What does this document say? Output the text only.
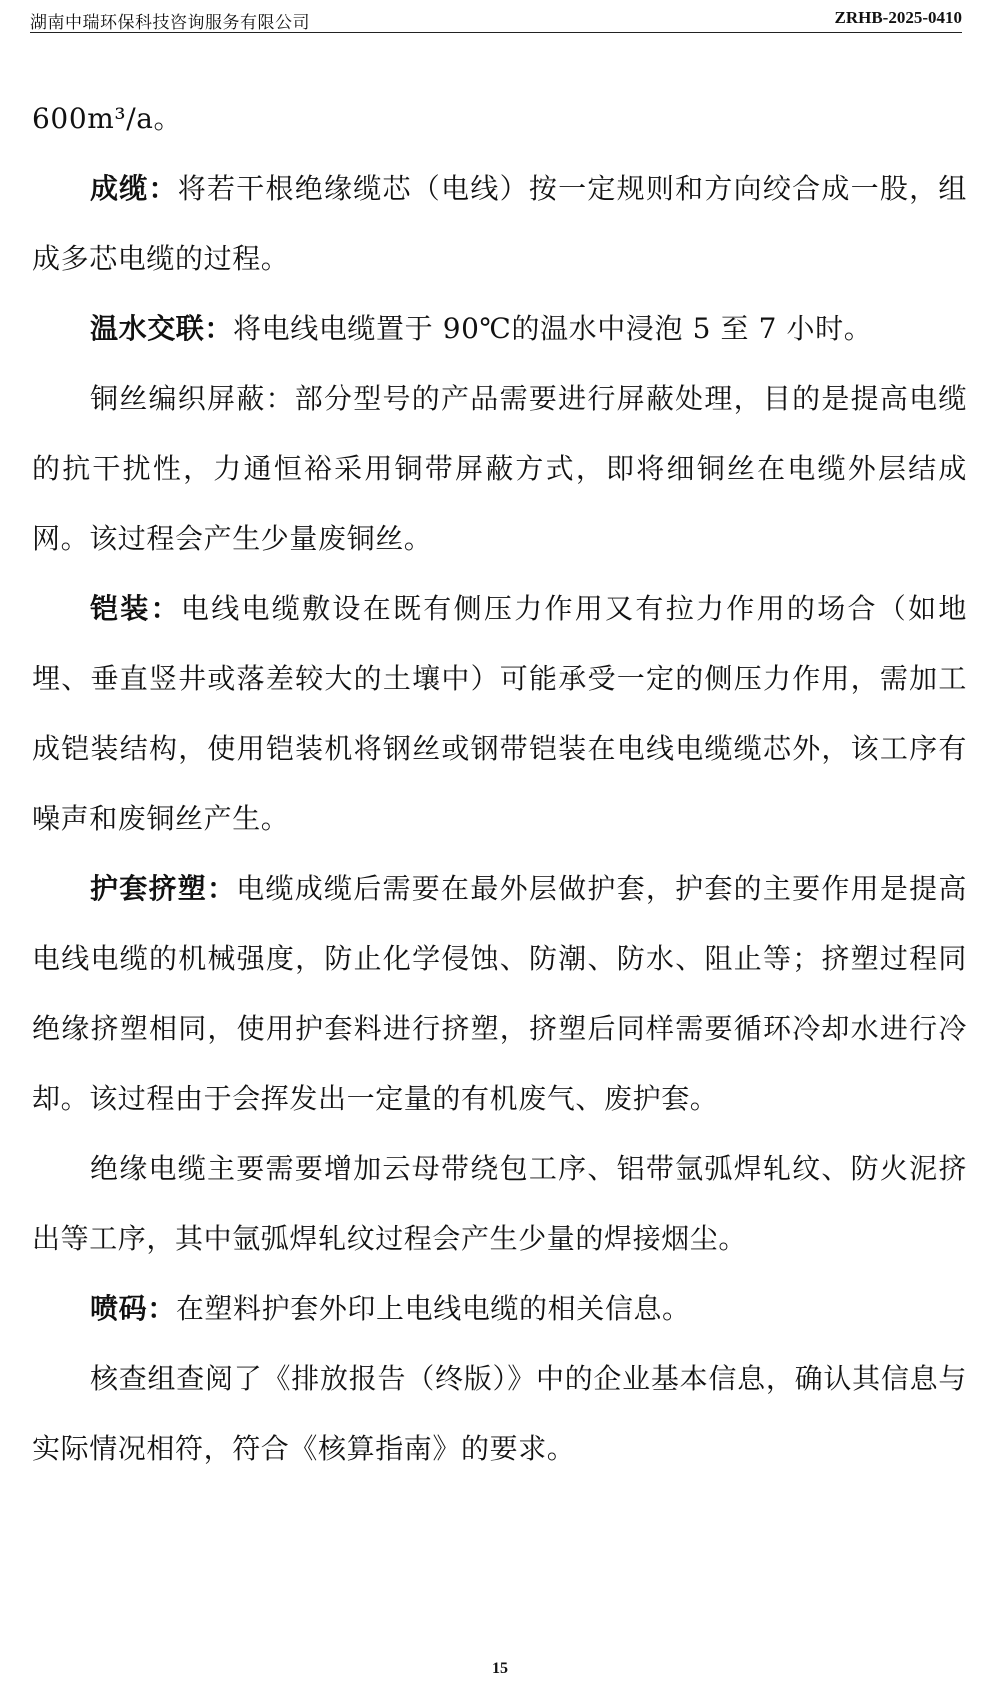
湖南中瑞环保科技咨询服务有限公司	ZRHB-2025-0410

600m³/a。

成缆：将若干根绝缘缆芯（电线）按一定规则和方向绞合成一股，组成多芯电缆的过程。

温水交联：将电线电缆置于 90℃的温水中浸泡 5 至 7 小时。

铜丝编织屏蔽：部分型号的产品需要进行屏蔽处理，目的是提高电缆的抗干扰性，力通恒裕采用铜带屏蔽方式，即将细铜丝在电缆外层结成网。该过程会产生少量废铜丝。

铠装：电线电缆敷设在既有侧压力作用又有拉力作用的场合（如地埋、垂直竖井或落差较大的土壤中）可能承受一定的侧压力作用，需加工成铠装结构，使用铠装机将钢丝或钢带铠装在电线电缆缆芯外，该工序有噪声和废铜丝产生。

护套挤塑：电缆成缆后需要在最外层做护套，护套的主要作用是提高电线电缆的机械强度，防止化学侵蚀、防潮、防水、阻止等；挤塑过程同绝缘挤塑相同，使用护套料进行挤塑，挤塑后同样需要循环冷却水进行冷却。该过程由于会挥发出一定量的有机废气、废护套。

绝缘电缆主要需要增加云母带绕包工序、铝带氩弧焊轧纹、防火泥挤出等工序，其中氩弧焊轧纹过程会产生少量的焊接烟尘。

喷码：在塑料护套外印上电线电缆的相关信息。

核查组查阅了《排放报告（终版）》中的企业基本信息，确认其信息与实际情况相符，符合《核算指南》的要求。

15
